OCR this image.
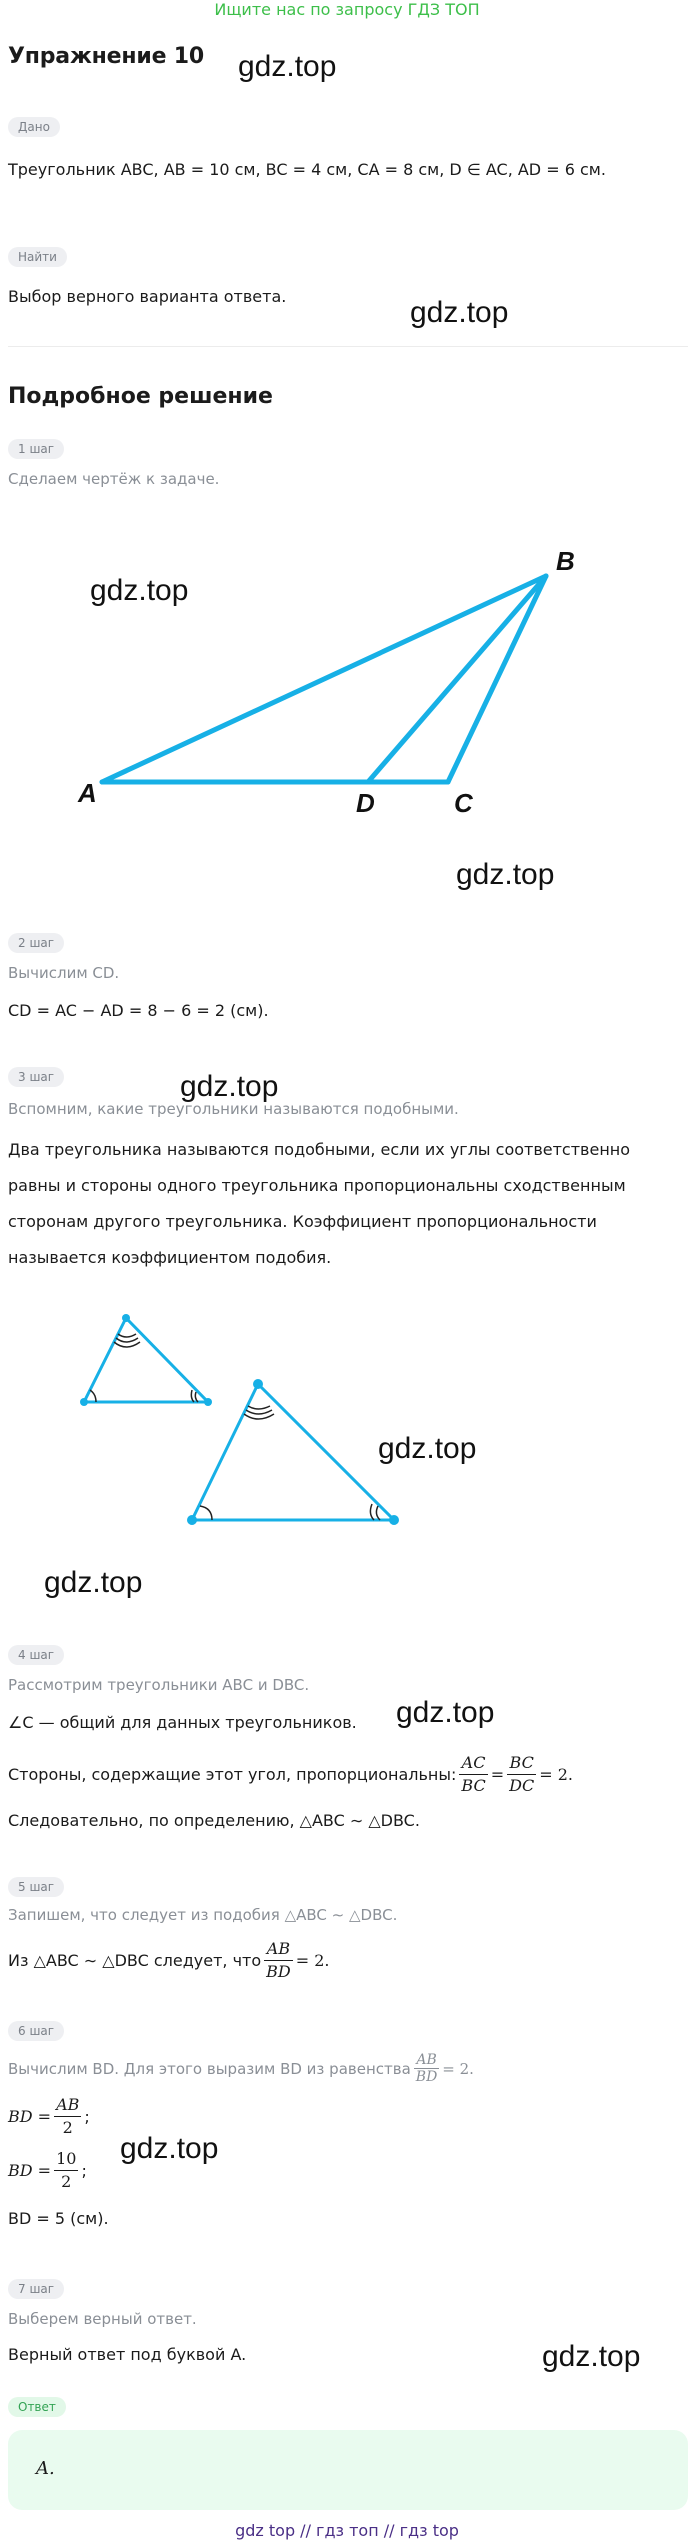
Ищите нас по запросу ГДЗ ТОП
Упражнение 10 gdz.top
gdz.top
gdz.top
gdz.top
gdz.top
gdz.top
gdz.top
gdz.top
gdz.top
gdz.top
Дано
Треугольник ABC, AB = 10 см, BC = 4 см, CA = 8 см, D ∈ AC, AD = 6 см.
Найти
Выбор верного варианта ответа.
Подробное решение
1 шаг
Сделаем чертёж к задаче.
A
B
C
D
2 шаг
Вычислим CD.
CD = AC − AD = 8 − 6 = 2 (см).
3 шаг
Вспомним, какие треугольники называются подобными.
Два треугольника называются подобными, если их углы соответственно равны и стороны одного треугольника пропорциональны сходственным сторонам другого треугольника. Коэффициент пропорциональности называется коэффициентом подобия.
4 шаг
Рассмотрим треугольники ABC и DBC.
∠C — общий для данных треугольников.
Стороны, содержащие этот угол, пропорциональны: $\frac{AC}{BC} = \frac{BC}{DC} = 2$.
Следовательно, по определению, △ABC ∼ △DBC.
5 шаг
Запишем, что следует из подобия △ABC ∼ △DBC.
Из △ABC ∼ △DBC следует, что $\frac{AB}{BD} = 2$.
6 шаг
Вычислим BD. Для этого выразим BD из равенства $\frac{AB}{BD} = 2$.
BD = $\frac{AB}{2}$ ;
BD = $\frac{10}{2}$ ;
BD = 5 (см).
7 шаг
Выберем верный ответ.
Верный ответ под буквой A.
Ответ
A.
gdz top // гдз топ // гдз top
